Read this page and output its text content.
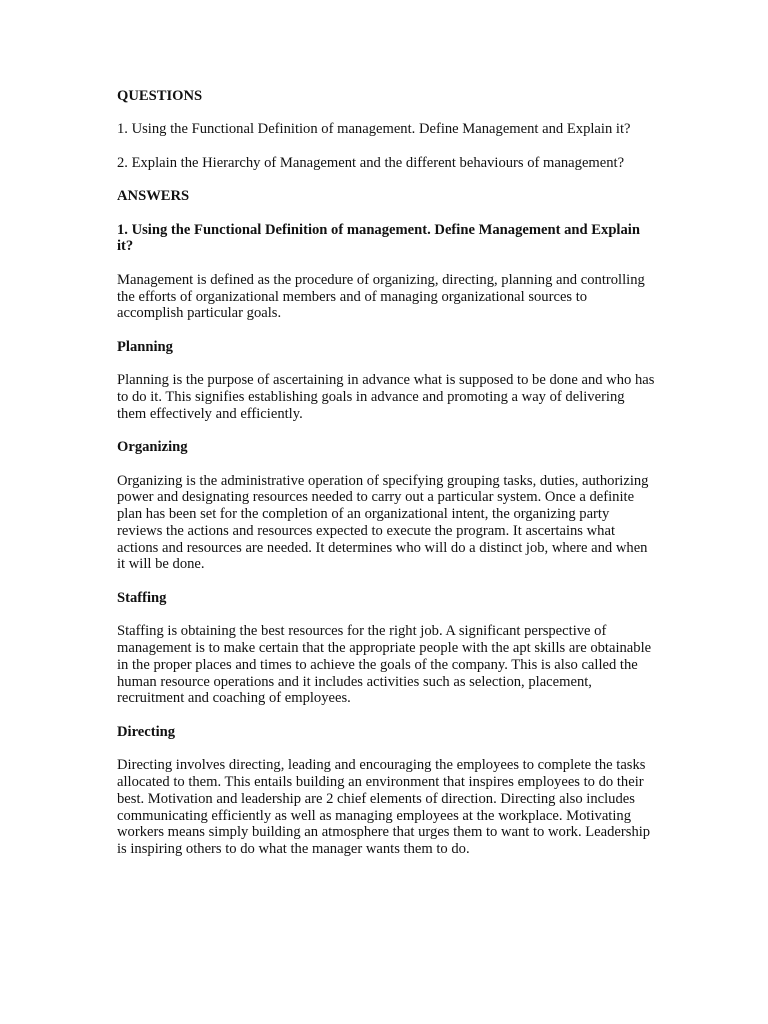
QUESTIONS

1. Using the Functional Definition of management. Define Management and Explain it?

2. Explain the Hierarchy of Management and the different behaviours of management?

ANSWERS
1. Using the Functional Definition of management. Define Management and Explain it?

Management is defined as the procedure of organizing, directing, planning and controlling the efforts of organizational members and of managing organizational sources to accomplish particular goals.

Planning

Planning is the purpose of ascertaining in advance what is supposed to be done and who has to do it. This signifies establishing goals in advance and promoting a way of delivering them effectively and efficiently.

Organizing

Organizing is the administrative operation of specifying grouping tasks, duties, authorizing power and designating resources needed to carry out a particular system. Once a definite plan has been set for the completion of an organizational intent, the organizing party reviews the actions and resources expected to execute the program. It ascertains what actions and resources are needed. It determines who will do a distinct job, where and when it will be done.

Staffing

Staffing is obtaining the best resources for the right job. A significant perspective of management is to make certain that the appropriate people with the apt skills are obtainable in the proper places and times to achieve the goals of the company. This is also called the human resource operations and it includes activities such as selection, placement, recruitment and coaching of employees.

Directing

Directing involves directing, leading and encouraging the employees to complete the tasks allocated to them. This entails building an environment that inspires employees to do their best. Motivation and leadership are 2 chief elements of direction. Directing also includes communicating efficiently as well as managing employees at the workplace. Motivating workers means simply building an atmosphere that urges them to want to work. Leadership is inspiring others to do what the manager wants them to do.
